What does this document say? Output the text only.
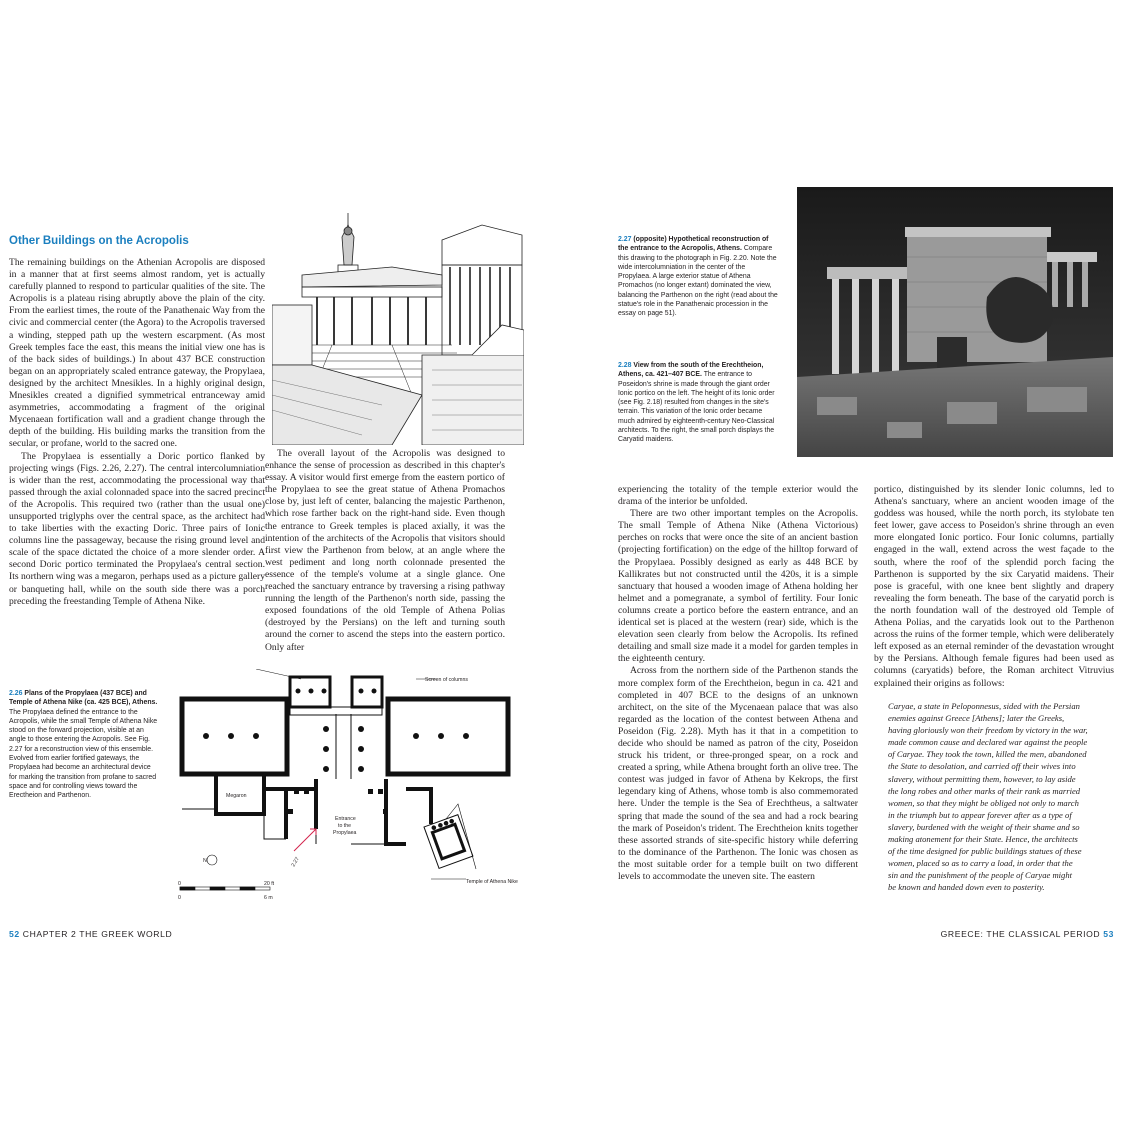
Other Buildings on the Acropolis

The remaining buildings on the Athenian Acropolis are disposed in a manner that at first seems almost random, yet is actually carefully planned to respond to particular qualities of the site. The Acropolis is a plateau rising abruptly above the plain of the city. From the earliest times, the route of the Panathenaic Way from the civic and commercial center (the Agora) to the Acropolis traversed a winding, stepped path up the western escarpment. (As most Greek temples face the east, this means the initial view one has is of the back sides of buildings.) In about 437 BCE construction began on an appropriately scaled entrance gateway, the Propylaea, designed by the architect Mnesikles. In a highly original design, Mnesikles created a dignified symmetrical entranceway amid asymmetries, accommodating a fragment of the original Mycenaean fortification wall and a gradient change through the depth of the building. His building marks the transition from the secular, or profane, world to the sacred one.

The Propylaea is essentially a Doric portico flanked by projecting wings (Figs. 2.26, 2.27). The central intercolumniation is wider than the rest, accommodating the processional way that passed through the axial colonnaded space into the sacred precinct of the Acropolis. This required two (rather than the usual one) unsupported triglyphs over the central space, as the architect had to take liberties with the exacting Doric. Three pairs of Ionic columns line the passageway, because the rising ground level and scale of the space dictated the choice of a more slender order. A second Doric portico terminated the Propylaea's central section. Its northern wing was a megaron, perhaps used as a picture gallery or banqueting hall, while on the south side there was a porch preceding the freestanding Temple of Athena Nike.

The overall layout of the Acropolis was designed to enhance the sense of procession as described in this chapter's essay. A visitor would first emerge from the eastern portico of the Propylaea to see the great statue of Athena Promachos close by, just left of center, balancing the majestic Parthenon, which rose farther back on the right-hand side. Even though the entrance to Greek temples is placed axially, it was the intention of the architects of the Acropolis that visitors should first view the Parthenon from below, at an angle where the west pediment and long north colonnade presented the essence of the temple's volume at a single glance. One reached the sanctuary entrance by traversing a rising pathway running the length of the Parthenon's north side, passing the exposed foundations of the old Temple of Athena Polias (destroyed by the Persians) on the left and turning south around the corner to ascend the steps into the eastern portico. Only after

2.26 Plans of the Propylaea (437 BCE) and Temple of Athena Nike (ca. 425 BCE), Athens. The Propylaea defined the entrance to the Acropolis, while the small Temple of Athena Nike stood on the forward projection, visible at an angle to those entering the Acropolis. See Fig. 2.27 for a reconstruction view of this ensemble. Evolved from earlier fortified gateways, the Propylaea had become an architectural device for marking the transition from profane to sacred space and for controlling views toward the Erectheion and Parthenon.
Screen of columns
Megaron
Entrance
to the
Propylaea
Temple of Athena Nike
N
0	20 ft
0	6 m
2.27
52 CHAPTER 2 THE GREEK WORLD
2.27 (opposite) Hypothetical reconstruction of the entrance to the Acropolis, Athens. Compare this drawing to the photograph in Fig. 2.20. Note the wide intercolumniation in the center of the Propylaea. A large exterior statue of Athena Promachos (no longer extant) dominated the view, balancing the Parthenon on the right (read about the statue's role in the Panathenaic procession in the essay on page 51).
2.28 View from the south of the Erechtheion, Athens, ca. 421–407 BCE. The entrance to Poseidon's shrine is made through the giant order Ionic portico on the left. The height of its Ionic order (see Fig. 2.18) resulted from changes in the site's terrain. This variation of the Ionic order became much admired by eighteenth-century Neo-Classical architects. To the right, the small porch displays the Caryatid maidens.

experiencing the totality of the temple exterior would the drama of the interior be unfolded.

There are two other important temples on the Acropolis. The small Temple of Athena Nike (Athena Victorious) perches on rocks that were once the site of an ancient bastion (projecting fortification) on the edge of the hilltop forward of the Propylaea. Possibly designed as early as 448 BCE by Kallikrates but not constructed until the 420s, it is a simple sanctuary that housed a wooden image of Athena holding her helmet and a pomegranate, a symbol of fertility. Four Ionic columns create a portico before the eastern entrance, and an identical set is placed at the western (rear) side, which is the elevation seen clearly from below the Acropolis. Its refined detailing and small size made it a model for garden temples in the eighteenth century.

Across from the northern side of the Parthenon stands the more complex form of the Erechtheion, begun in ca. 421 and completed in 407 BCE to the designs of an unknown architect, on the site of the Mycenaean palace that was also regarded as the location of the contest between Athena and Poseidon (Fig. 2.28). Myth has it that in a competition to decide who should be named as patron of the city, Poseidon struck his trident, or three-pronged spear, on a rock and created a spring, while Athena brought forth an olive tree. The contest was judged in favor of Athena by Kekrops, the first legendary king of Athens, whose tomb is also commemorated here. Under the temple is the Sea of Erechtheus, a saltwater spring that made the sound of the sea and had a rock bearing the mark of Poseidon's trident. The Erechtheion knits together these assorted strands of site-specific history while deferring to the dominance of the Parthenon. The Ionic was chosen as the most suitable order for a temple built on two different levels to accommodate the uneven site. The eastern

portico, distinguished by its slender Ionic columns, led to Athena's sanctuary, where an ancient wooden image of the goddess was housed, while the north porch, its stylobate ten feet lower, gave access to Poseidon's shrine through an even more elongated Ionic portico. Four Ionic columns, partially engaged in the wall, extend across the west façade to the south, where the roof of the splendid porch facing the Parthenon is supported by the six Caryatid maidens. Their pose is graceful, with one knee bent slightly and drapery revealing the form beneath. The base of the caryatid porch is the north foundation wall of the destroyed old Temple of Athena Polias, and the caryatids look out to the Parthenon across the ruins of the former temple, which were deliberately left exposed as an eternal reminder of the devastation wrought by the Persians. Although female figures had been used as columns (caryatids) before, the Roman architect Vitruvius explained their origins as follows:

Caryae, a state in Peloponnesus, sided with the Persian
enemies against Greece [Athens]; later the Greeks,
having gloriously won their freedom by victory in the war,
made common cause and declared war against the people
of Caryae. They took the town, killed the men, abandoned
the State to desolation, and carried off their wives into
slavery, without permitting them, however, to lay aside
the long robes and other marks of their rank as married
women, so that they might be obliged not only to march
in the triumph but to appear forever after as a type of
slavery, burdened with the weight of their shame and so
making atonement for their State. Hence, the architects
of the time designed for public buildings statues of these
women, placed so as to carry a load, in order that the
sin and the punishment of the people of Caryae might
be known and handed down even to posterity.
GREECE: THE CLASSICAL PERIOD 53
